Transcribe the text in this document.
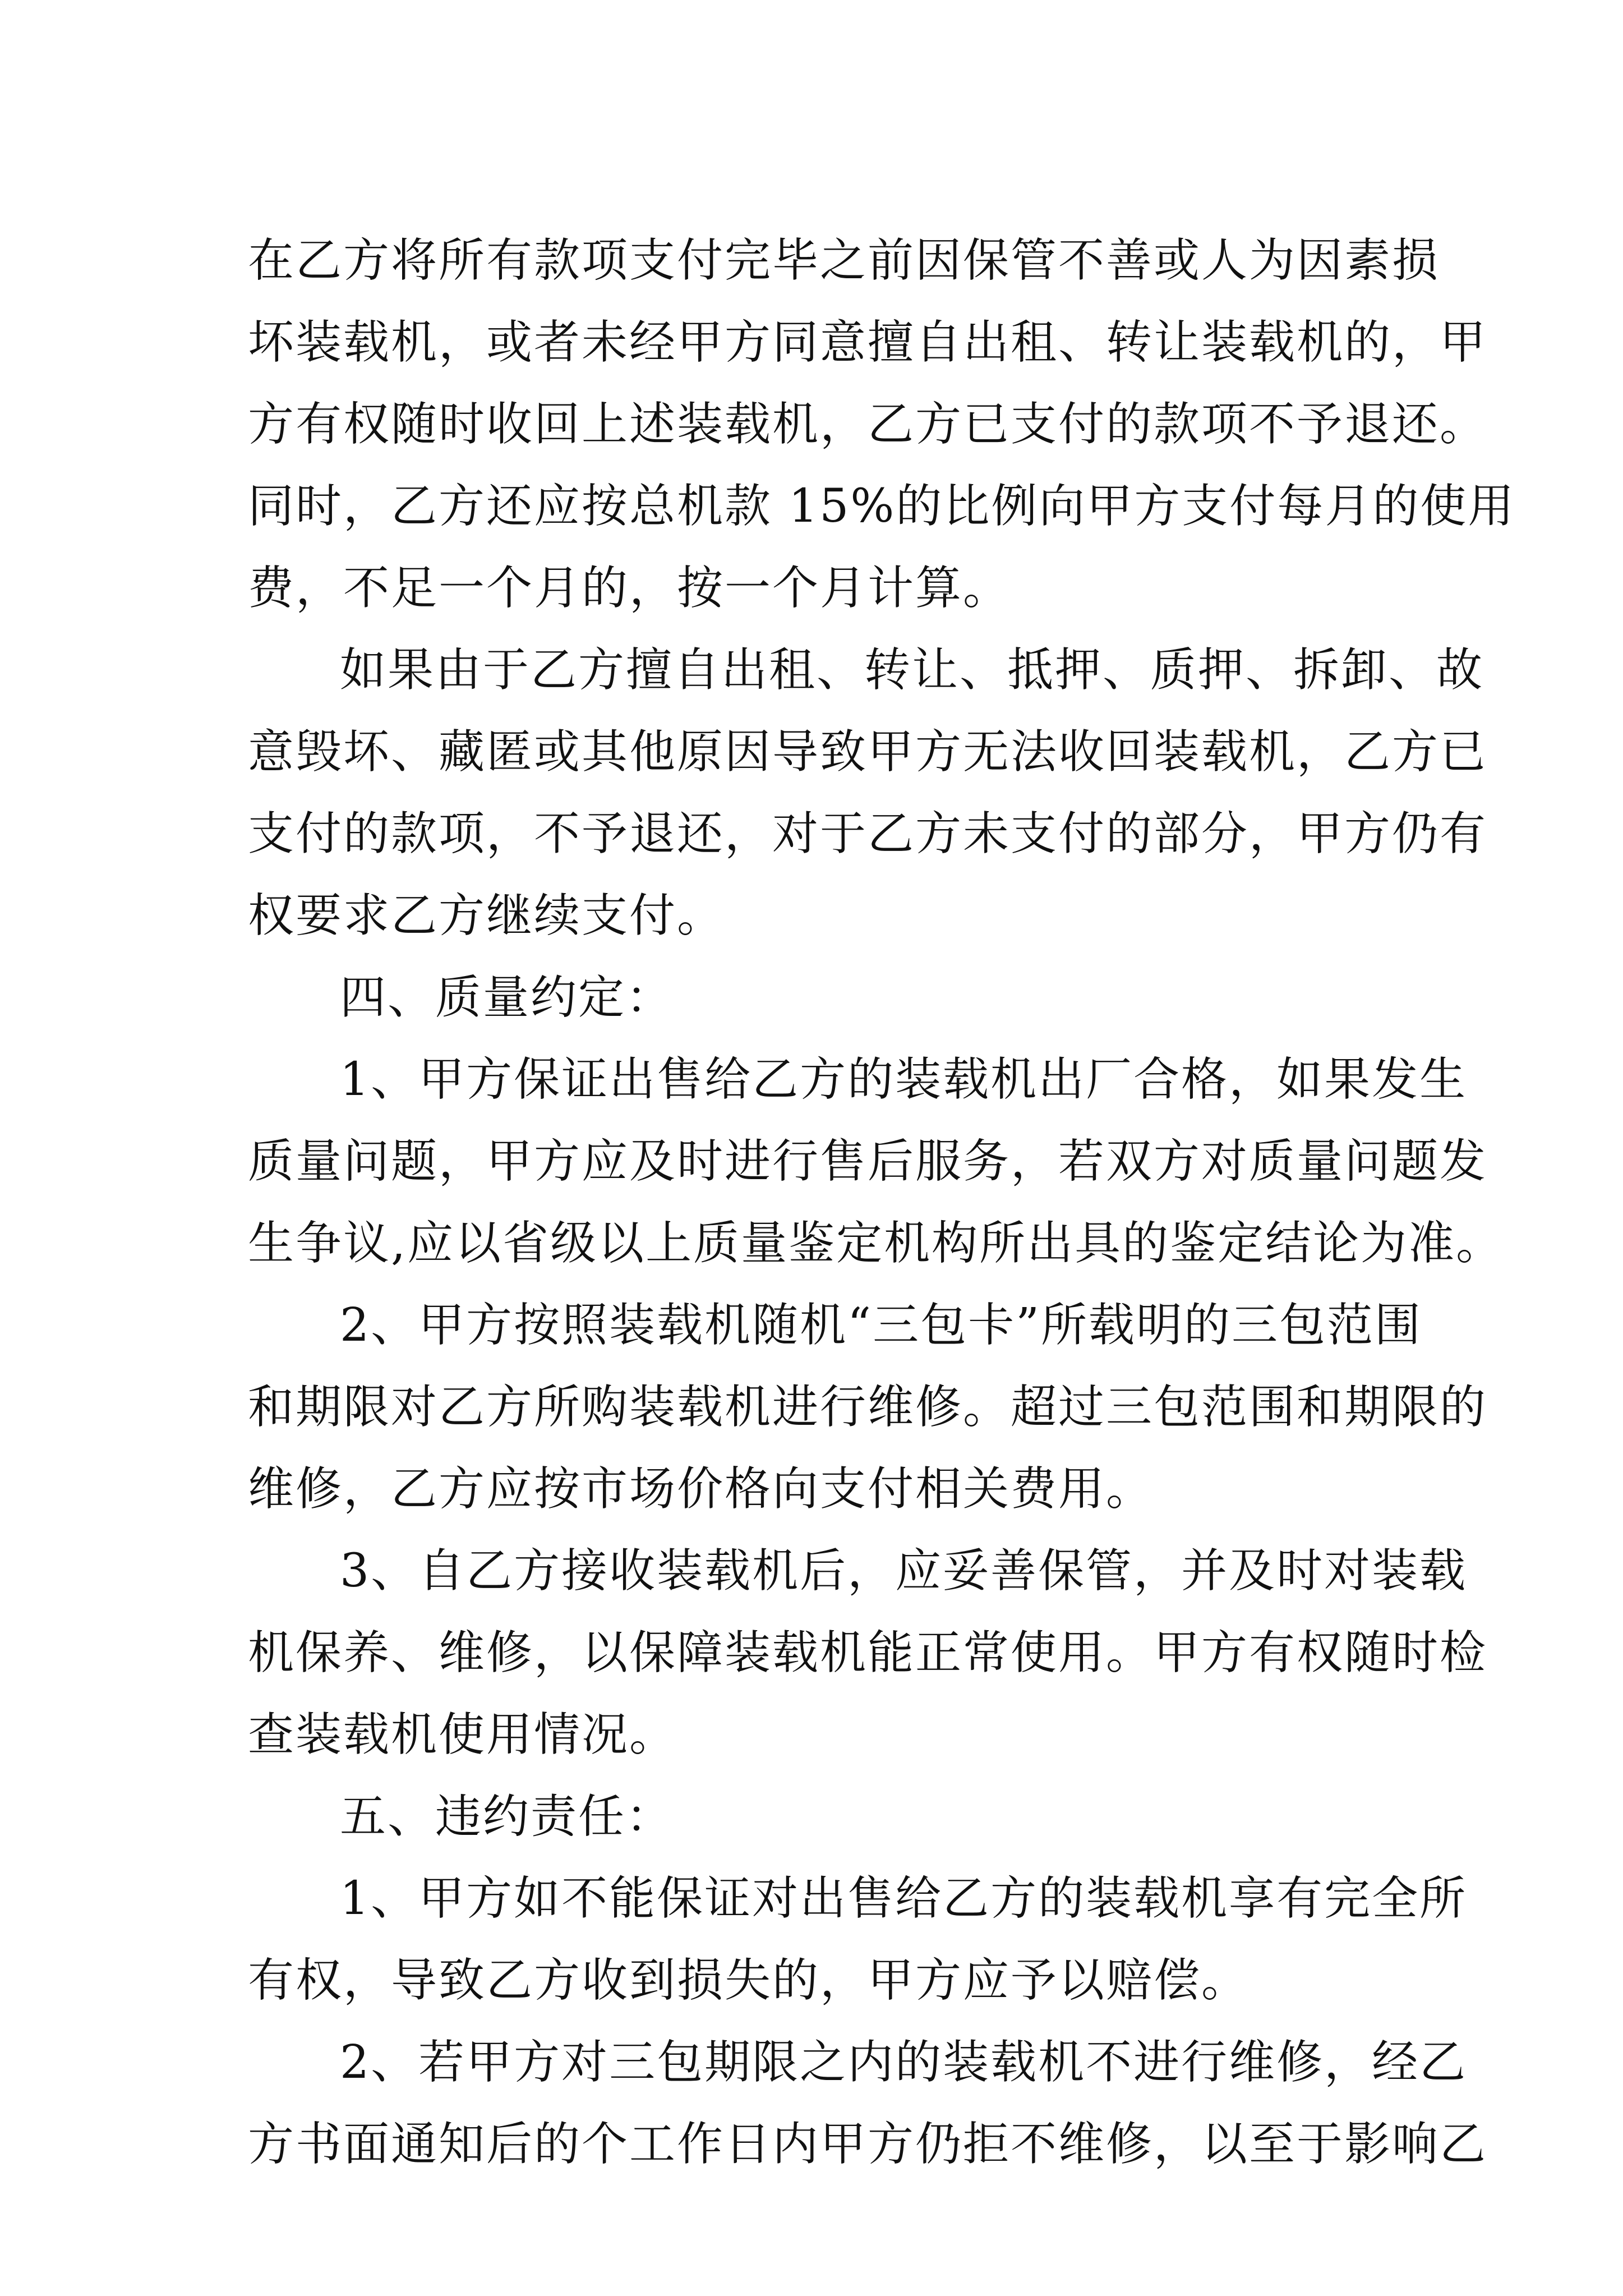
在乙方将所有款项支付完毕之前因保管不善或人为因素损
坏装载机，或者未经甲方同意擅自出租、转让装载机的，甲
方有权随时收回上述装载机，乙方已支付的款项不予退还。
同时，乙方还应按总机款 15%的比例向甲方支付每月的使用
费，不足一个月的，按一个月计算。
如果由于乙方擅自出租、转让、抵押、质押、拆卸、故
意毁坏、藏匿或其他原因导致甲方无法收回装载机，乙方已
支付的款项，不予退还，对于乙方未支付的部分，甲方仍有
权要求乙方继续支付。
四、质量约定：
1、甲方保证出售给乙方的装载机出厂合格，如果发生
质量问题，甲方应及时进行售后服务，若双方对质量问题发
生争议,应以省级以上质量鉴定机构所出具的鉴定结论为准。
2、甲方按照装载机随机“三包卡”所载明的三包范围
和期限对乙方所购装载机进行维修。超过三包范围和期限的
维修，乙方应按市场价格向支付相关费用。
3、自乙方接收装载机后，应妥善保管，并及时对装载
机保养、维修，以保障装载机能正常使用。甲方有权随时检
查装载机使用情况。
五、违约责任：
1、甲方如不能保证对出售给乙方的装载机享有完全所
有权，导致乙方收到损失的，甲方应予以赔偿。
2、若甲方对三包期限之内的装载机不进行维修，经乙
方书面通知后的个工作日内甲方仍拒不维修，以至于影响乙
